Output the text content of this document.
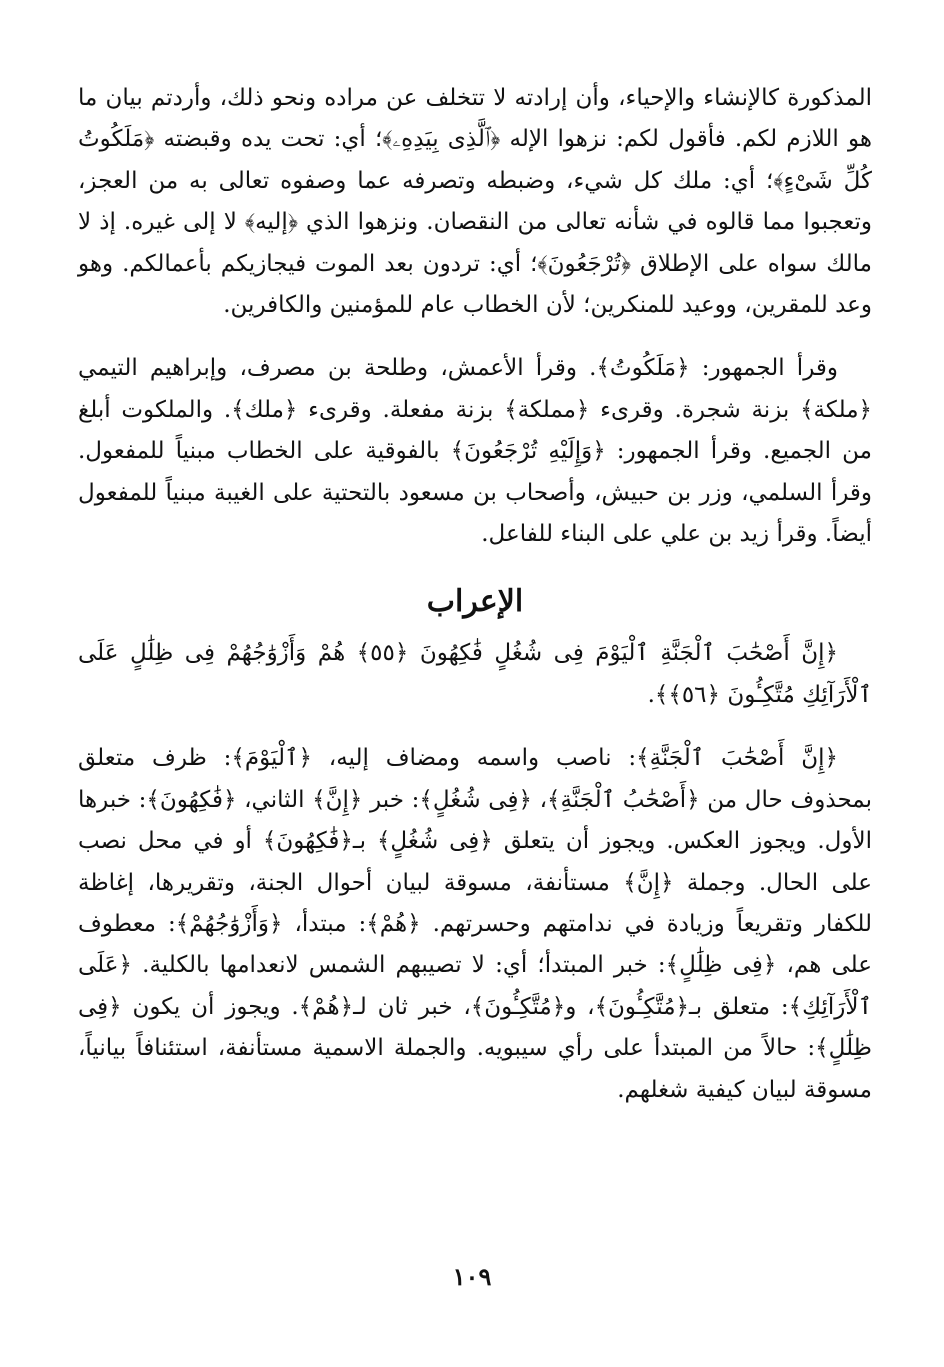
المذكورة كالإنشاء والإحياء، وأن إرادته لا تتخلف عن مراده ونحو ذلك، وأردتم بيان ما هو اللازم لكم. فأقول لكم: نزهوا الإله ﴿ٱلَّذِى بِيَدِهِۦ﴾؛ أي: تحت يده وقبضته ﴿مَلَكُوتُ كُلِّ شَىْءٍ﴾؛ أي: ملك كل شيء، وضبطه وتصرفه عما وصفوه تعالى به من العجز، وتعجبوا مما قالوه في شأنه تعالى من النقصان. ونزهوا الذي ﴿إليه﴾ لا إلى غيره. إذ لا مالك سواه على الإطلاق ﴿تُرْجَعُونَ﴾؛ أي: تردون بعد الموت فيجازيكم بأعمالكم. وهو وعد للمقرين، ووعيد للمنكرين؛ لأن الخطاب عام للمؤمنين والكافرين.

وقرأ الجمهور: ﴿مَلَكُوتُ﴾. وقرأ الأعمش، وطلحة بن مصرف، وإبراهيم التيمي ﴿ملكة﴾ بزنة شجرة. وقرىء ﴿مملكة﴾ بزنة مفعلة. وقرىء ﴿ملك﴾. والملكوت أبلغ من الجميع. وقرأ الجمهور: ﴿وَإِلَيْهِ تُرْجَعُونَ﴾ بالفوقية على الخطاب مبنياً للمفعول. وقرأ السلمي، وزر بن حبيش، وأصحاب بن مسعود بالتحتية على الغيبة مبنياً للمفعول أيضاً. وقرأ زيد بن علي على البناء للفاعل.

الإعراب

﴿إِنَّ أَصْحَٰبَ ٱلْجَنَّةِ ٱلْيَوْمَ فِى شُغُلٍ فَٰكِهُونَ ﴿٥٥﴾ هُمْ وَأَزْوَٰجُهُمْ فِى ظِلَٰلٍ عَلَى ٱلْأَرَآئِكِ مُتَّكِـُٔونَ ﴿٥٦﴾﴾.

﴿إِنَّ أَصْحَٰبَ ٱلْجَنَّةِ﴾: ناصب واسمه ومضاف إليه، ﴿ٱلْيَوْمَ﴾: ظرف متعلق بمحذوف حال من ﴿أَصْحَٰبُ ٱلْجَنَّةِ﴾، ﴿فِى شُغُلٍ﴾: خبر ﴿إِنَّ﴾ الثاني، ﴿فَٰكِهُونَ﴾: خبرها الأول. ويجوز العكس. ويجوز أن يتعلق ﴿فِى شُغُلٍ﴾ بـ﴿فَٰكِهُونَ﴾ أو في محل نصب على الحال. وجملة ﴿إِنَّ﴾ مستأنفة، مسوقة لبيان أحوال الجنة، وتقريرها، إغاظة للكفار وتقريعاً وزيادة في ندامتهم وحسرتهم. ﴿هُمْ﴾: مبتدأ، ﴿وَأَزْوَٰجُهُمْ﴾: معطوف على هم، ﴿فِى ظِلَٰلٍ﴾: خبر المبتدأ؛ أي: لا تصيبهم الشمس لانعدامها بالكلية. ﴿عَلَى ٱلْأَرَآئِكِ﴾: متعلق بـ﴿مُتَّكِـُٔونَ﴾، و﴿مُتَّكِـُٔونَ﴾، خبر ثان لـ﴿هُمْ﴾. ويجوز أن يكون ﴿فِى ظِلَٰلٍ﴾: حالاً من المبتدأ على رأي سيبويه. والجملة الاسمية مستأنفة، استئنافاً بيانياً، مسوقة لبيان كيفية شغلهم.

١٠٩
